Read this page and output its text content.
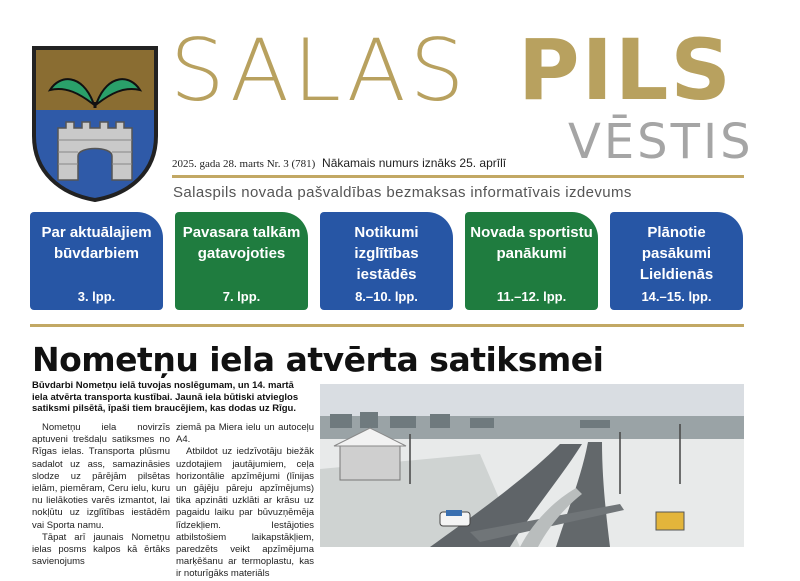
SALAS PILS
VĒSTIS
2025. gada 28. marts Nr. 3 (781) Nākamais numurs iznāks 25. aprīlī
Salaspils novada pašvaldības bezmaksas informatīvais izdevums
Par aktuālajiem būvdarbiem
3. lpp.
Pavasara talkām gatavojoties
7. lpp.
Notikumi izglītības iestādēs
8.–10. lpp.
Novada sportistu panākumi
11.–12. lpp.
Plānotie pasākumi Lieldienās
14.–15. lpp.
Nometņu iela atvērta satiksmei
Būvdarbi Nometņu ielā tuvojas noslēgumam, un 14. martā iela atvērta transporta kustībai. Jaunā iela būtiski atvieglos satiksmi pilsētā, īpaši tiem braucējiem, kas dodas uz Rīgu.

Nometņu iela novirzīs aptuveni trešdaļu satiksmes no Rīgas ielas. Transporta plūsmu sadalot uz ass, samazināsies slodze uz pārējām pilsētas ielām, piemēram, Ceru ielu, kuru nu lielākoties varēs izmantot, lai nokļūtu uz izglītības iestādēm vai Sporta namu.

Tāpat arī jaunais Nometņu ielas posms kalpos kā ērtāks savienojums

ziemā pa Miera ielu un autoceļu A4.

Atbildot uz iedzīvotāju biežāk uzdotajiem jautājumiem, ceļa horizontālie apzīmējumi (līnijas un gājēju pāreju apzīmējums) tika apzināti uzklāti ar krāsu uz pagaidu laiku par būvuzņēmēja līdzekļiem. Iestājoties atbilstošiem laikapstākļiem, paredzēts veikt apzīmējuma marķēšanu ar termoplastu, kas ir noturīgāks materiāls
